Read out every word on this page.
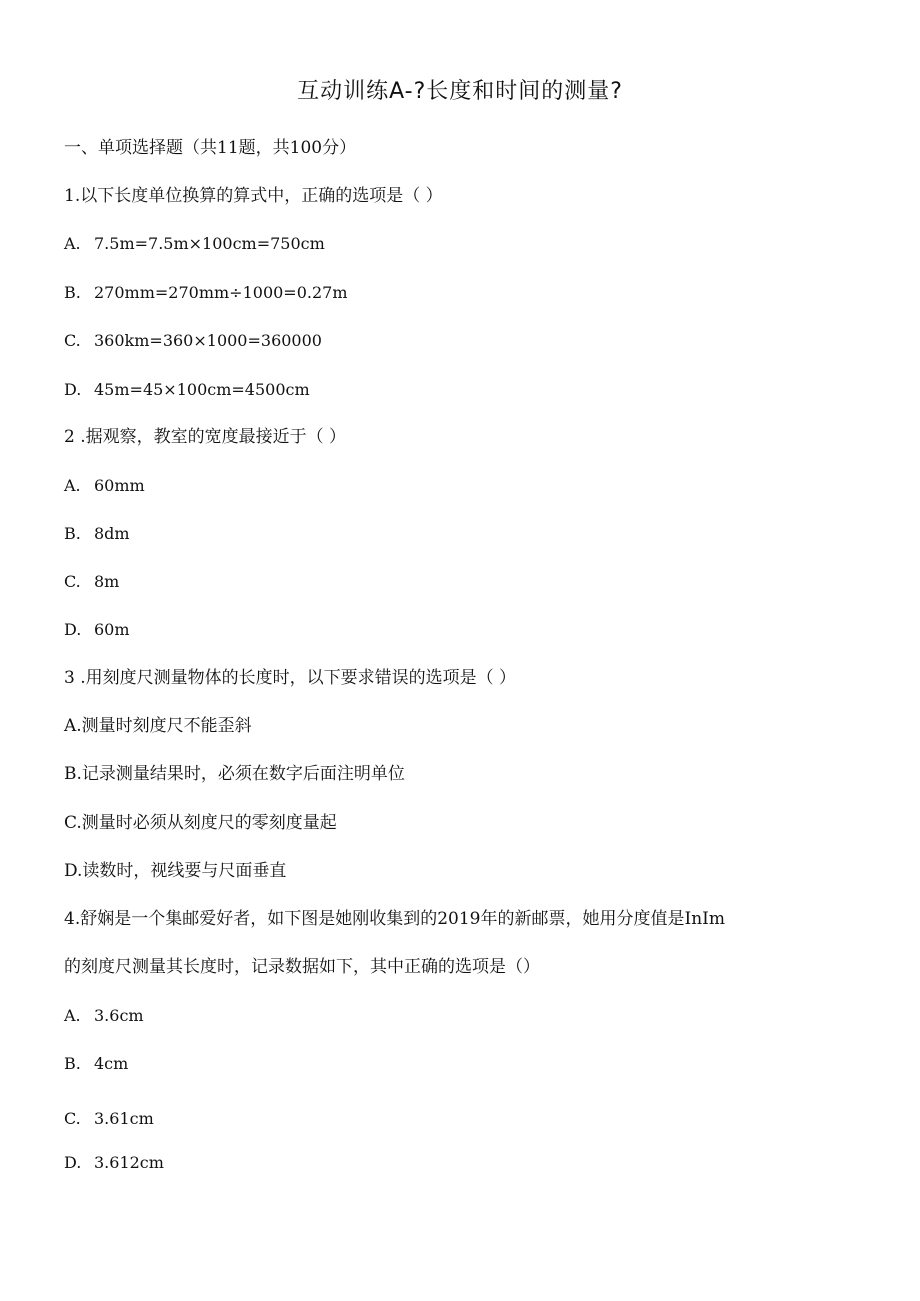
互动训练A-?长度和时间的测量?
一、单项选择题（共11题，共100分）
1.以下长度单位换算的算式中，正确的选项是（ ）
A. 7.5m=7.5m×100cm=750cm
B. 270mm=270mm÷1000=0.27m
C. 360km=360×1000=360000
D. 45m=45×100cm=4500cm
2 .据观察，教室的宽度最接近于（ ）
A. 60mm
B. 8dm
C. 8m
D. 60m
3 .用刻度尺测量物体的长度时，以下要求错误的选项是（ ）
A.测量时刻度尺不能歪斜
B.记录测量结果时，必须在数字后面注明单位
C.测量时必须从刻度尺的零刻度量起
D.读数时，视线要与尺面垂直
4.舒娴是一个集邮爱好者，如下图是她刚收集到的2019年的新邮票，她用分度值是InIm
的刻度尺测量其长度时，记录数据如下，其中正确的选项是（）
A. 3.6cm
B. 4cm
C. 3.61cm
D. 3.612cm
